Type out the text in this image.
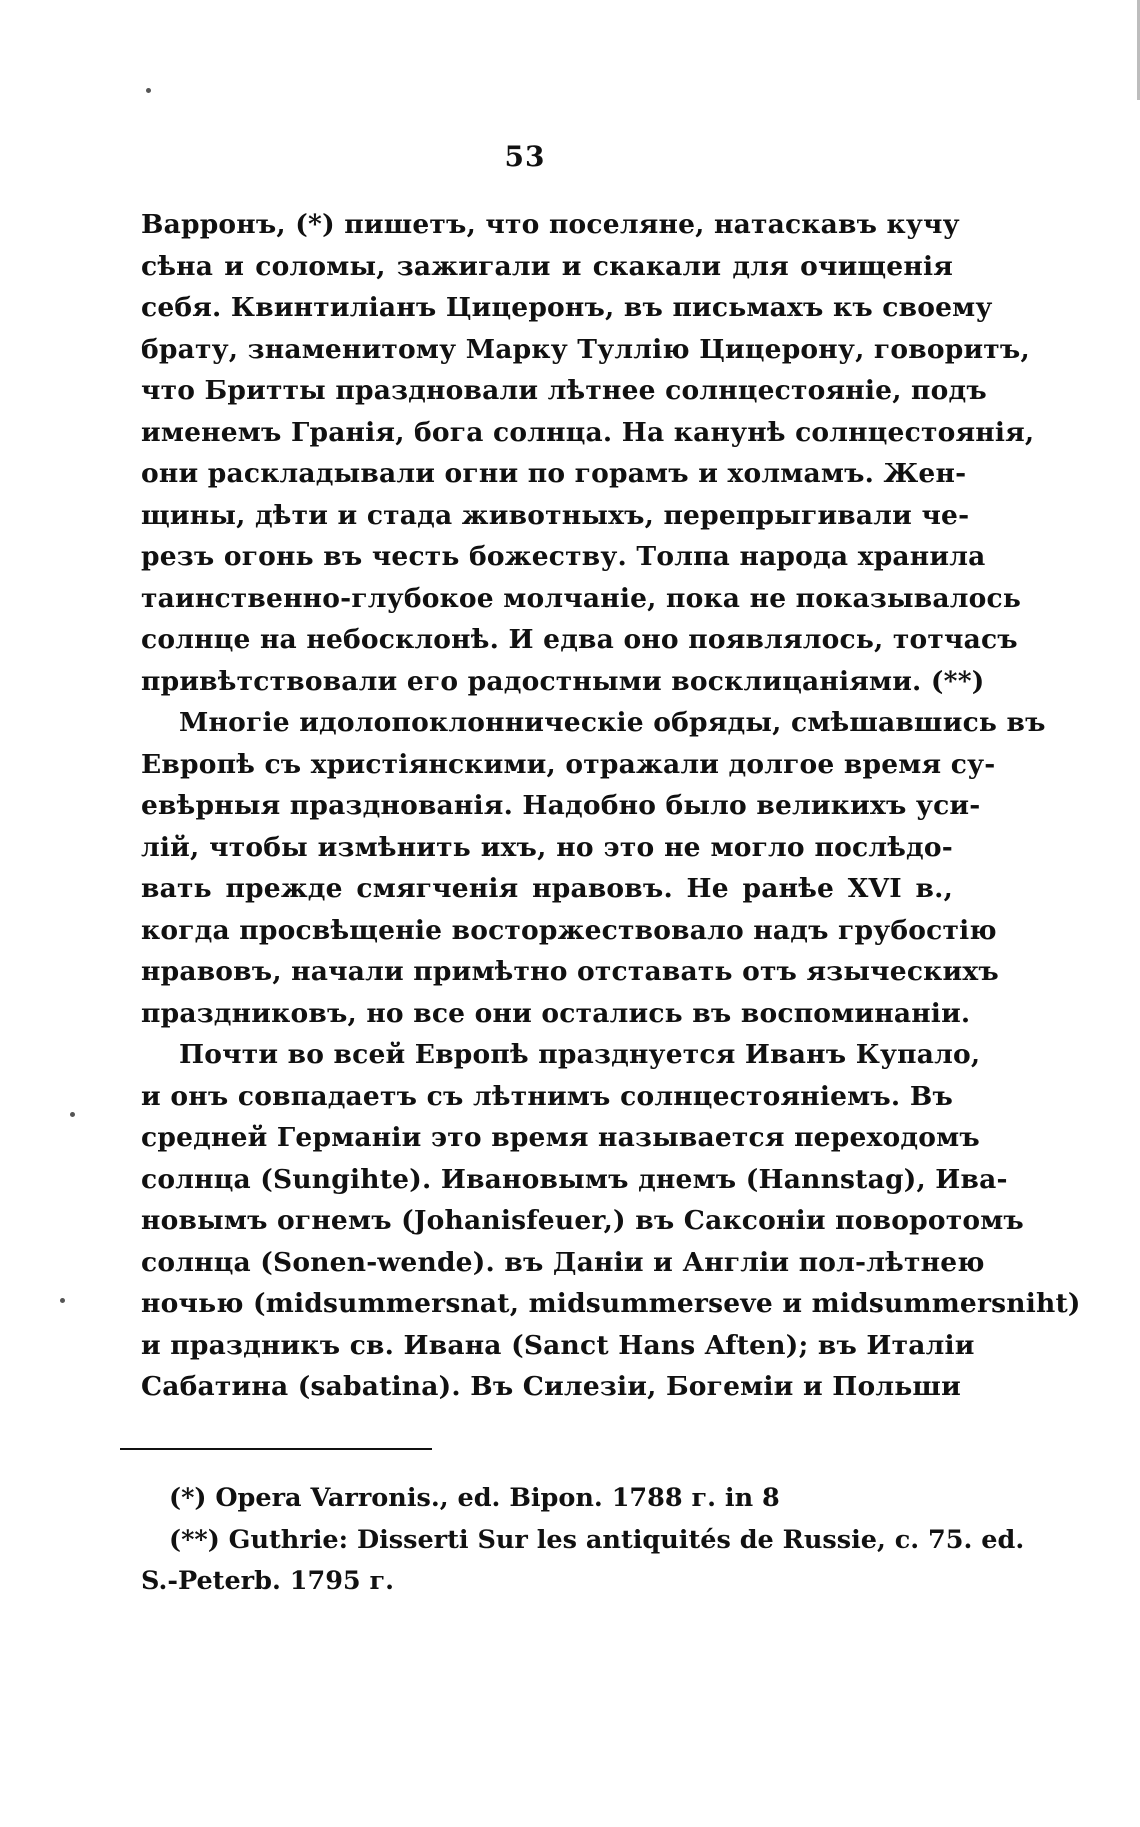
53
Варронъ, (*) пишетъ, что поселяне, натаскавъ кучу
сѣна и соломы, зажигали и скакали для очищенія
себя. Квинтиліанъ Цицеронъ, въ письмахъ къ своему
брату, знаменитому Марку Туллію Цицерону, говоритъ,
что Бритты праздновали лѣтнее солнцестояніе, подъ
именемъ Гранія, бога солнца. На канунѣ солнцестоянія,
они раскладывали огни по горамъ и холмамъ. Жен-
щины, дѣти и стада животныхъ, перепрыгивали че-
резъ огонь въ честь божеству. Толпа народа хранила
таинственно-глубокое молчаніе, пока не показывалось
солнце на небосклонѣ. И едва оно появлялось, тотчасъ
привѣтствовали его радостными восклицаніями. (**)
Многіе идолопоклонническіе обряды, смѣшавшись въ
Европѣ съ христіянскими, отражали долгое время су-
евѣрныя празднованія. Надобно было великихъ уси-
лій, чтобы измѣнить ихъ, но это не могло послѣдо-
вать прежде смягченія нравовъ. Не ранѣе XVI в.,
когда просвѣщеніе восторжествовало надъ грубостію
нравовъ, начали примѣтно отставать отъ языческихъ
праздниковъ, но все они остались въ воспоминаніи.
Почти во всей Европѣ празднуется Иванъ Купало,
и онъ совпадаетъ съ лѣтнимъ солнцестояніемъ. Въ
средней Германіи это время называется переходомъ
солнца (Sungihte). Ивановымъ днемъ (Hannstag), Ива-
новымъ огнемъ (Johanisfeuer,) въ Саксоніи поворотомъ
солнца (Sonen-wende). въ Даніи и Англіи пол-лѣтнею
ночью (midsummersnat, midsummerseve и midsummersniht)
и праздникъ св. Ивана (Sanct Hans Aften); въ Италіи
Сабатина (sabatina). Въ Силезіи, Богеміи и Польши
(*) Opera Varronis., ed. Bipon. 1788 г. in 8
(**) Guthrie: Disserti Sur les antiquités de Russie, c. 75. ed.
S.-Peterb. 1795 г.
